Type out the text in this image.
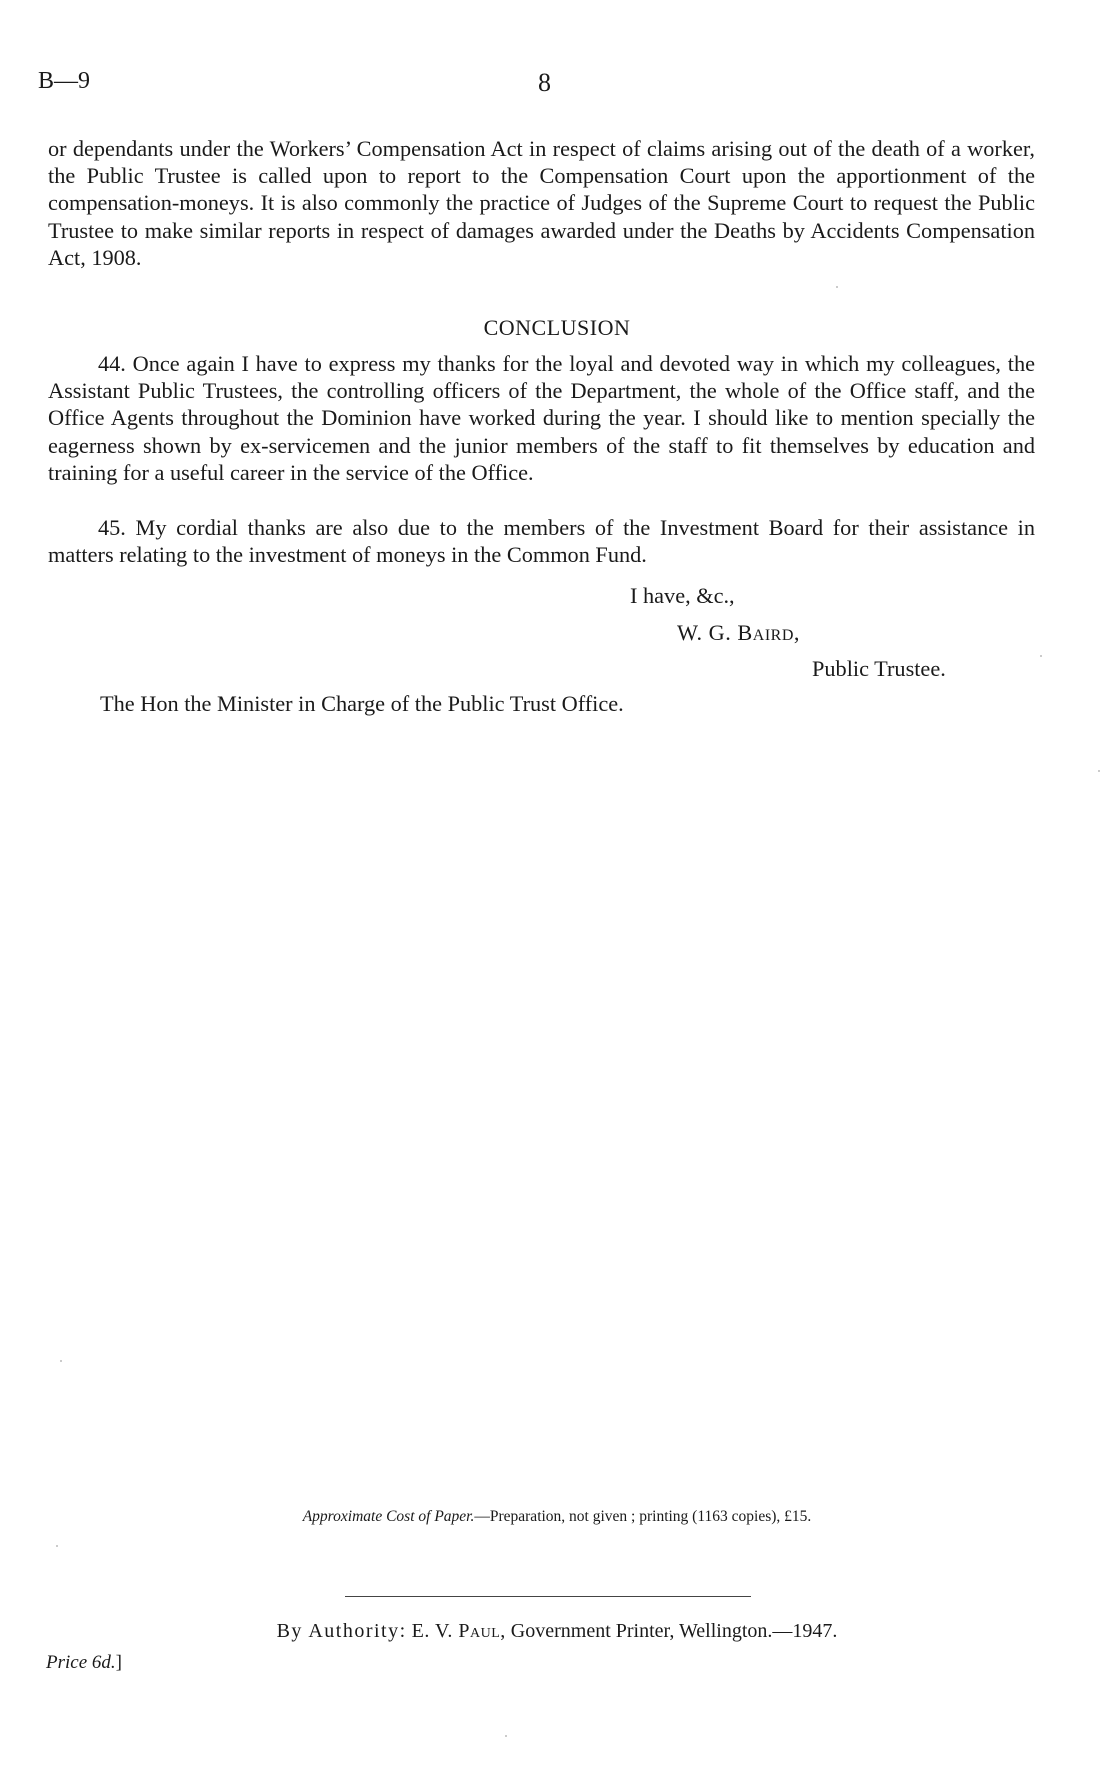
B—9	8

or dependants under the Workers’ Compensation Act in respect of claims arising out of the death of a worker, the Public Trustee is called upon to report to the Compensation Court upon the apportionment of the compensation-moneys. It is also commonly the practice of Judges of the Supreme Court to request the Public Trustee to make similar reports in respect of damages awarded under the Deaths by Accidents Compensation Act, 1908.

CONCLUSION

44. Once again I have to express my thanks for the loyal and devoted way in which my colleagues, the Assistant Public Trustees, the controlling officers of the Department, the whole of the Office staff, and the Office Agents throughout the Dominion have worked during the year. I should like to mention specially the eagerness shown by ex-servicemen and the junior members of the staff to fit themselves by education and training for a useful career in the service of the Office.

45. My cordial thanks are also due to the members of the Investment Board for their assistance in matters relating to the investment of moneys in the Common Fund.

I have, &c.,
W. G. Baird,
Public Trustee.
The Hon the Minister in Charge of the Public Trust Office.
Approximate Cost of Paper.—Preparation, not given ; printing (1163 copies), £15.
By Authority: E. V. Paul, Government Printer, Wellington.—1947.
Price 6d.]
